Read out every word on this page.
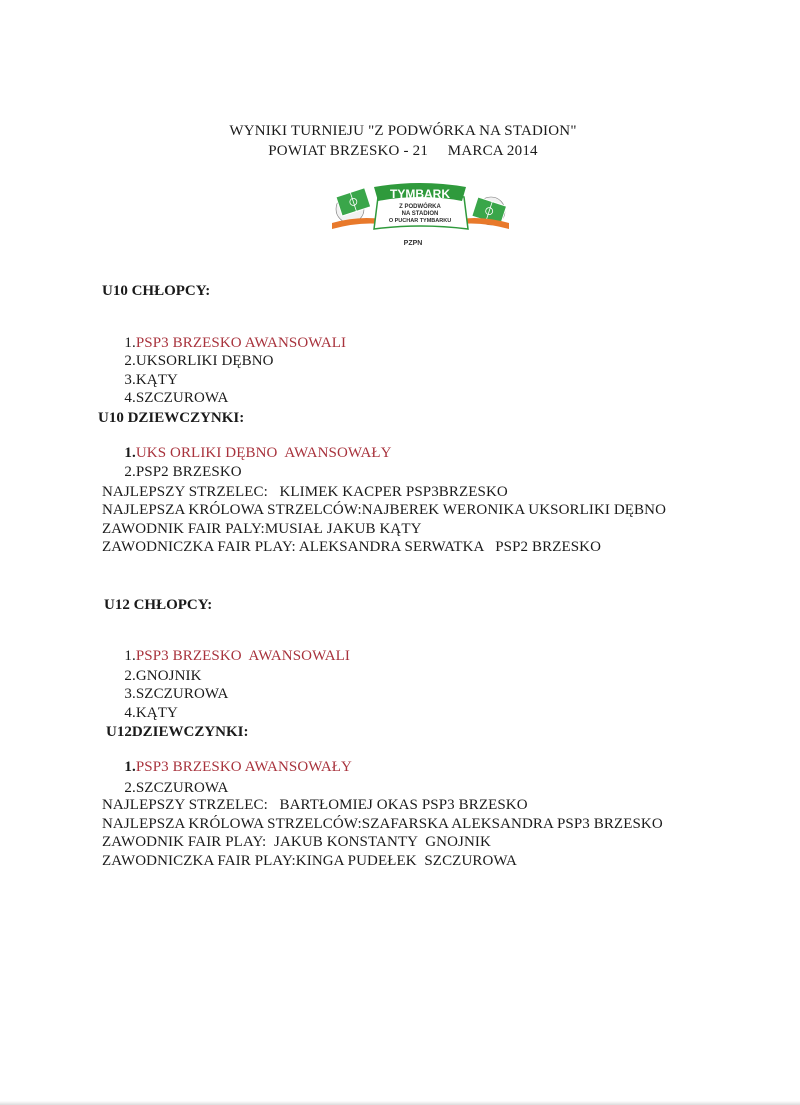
WYNIKI TURNIEJU "Z PODWÓRKA NA STADION"
POWIAT BRZESKO - 21     MARCA 2014
TYMBARK
Z PODWÓRKA
NA STADION
O PUCHAR TYMBARKU
PZPN
U10 CHŁOPCY:

1.PSP3 BRZESKO AWANSOWALI

2.UKSORLIKI DĘBNO

3.KĄTY

4.SZCZUROWA

U10 DZIEWCZYNKI:

1.UKS ORLIKI DĘBNO  AWANSOWAŁY

2.PSP2 BRZESKO

NAJLEPSZY STRZELEC:   KLIMEK KACPER PSP3BRZESKO
NAJLEPSZA KRÓLOWA STRZELCÓW:NAJBEREK WERONIKA UKSORLIKI DĘBNO
ZAWODNIK FAIR PALY:MUSIAŁ JAKUB KĄTY
ZAWODNICZKA FAIR PLAY: ALEKSANDRA SERWATKA   PSP2 BRZESKO
U12 CHŁOPCY:

1.PSP3 BRZESKO  AWANSOWALI

2.GNOJNIK

3.SZCZUROWA

4.KĄTY

U12DZIEWCZYNKI:

1.PSP3 BRZESKO AWANSOWAŁY

2.SZCZUROWA

NAJLEPSZY STRZELEC:   BARTŁOMIEJ OKAS PSP3 BRZESKO
NAJLEPSZA KRÓLOWA STRZELCÓW:SZAFARSKA ALEKSANDRA PSP3 BRZESKO
ZAWODNIK FAIR PLAY:  JAKUB KONSTANTY  GNOJNIK
ZAWODNICZKA FAIR PLAY:KINGA PUDEŁEK  SZCZUROWA
